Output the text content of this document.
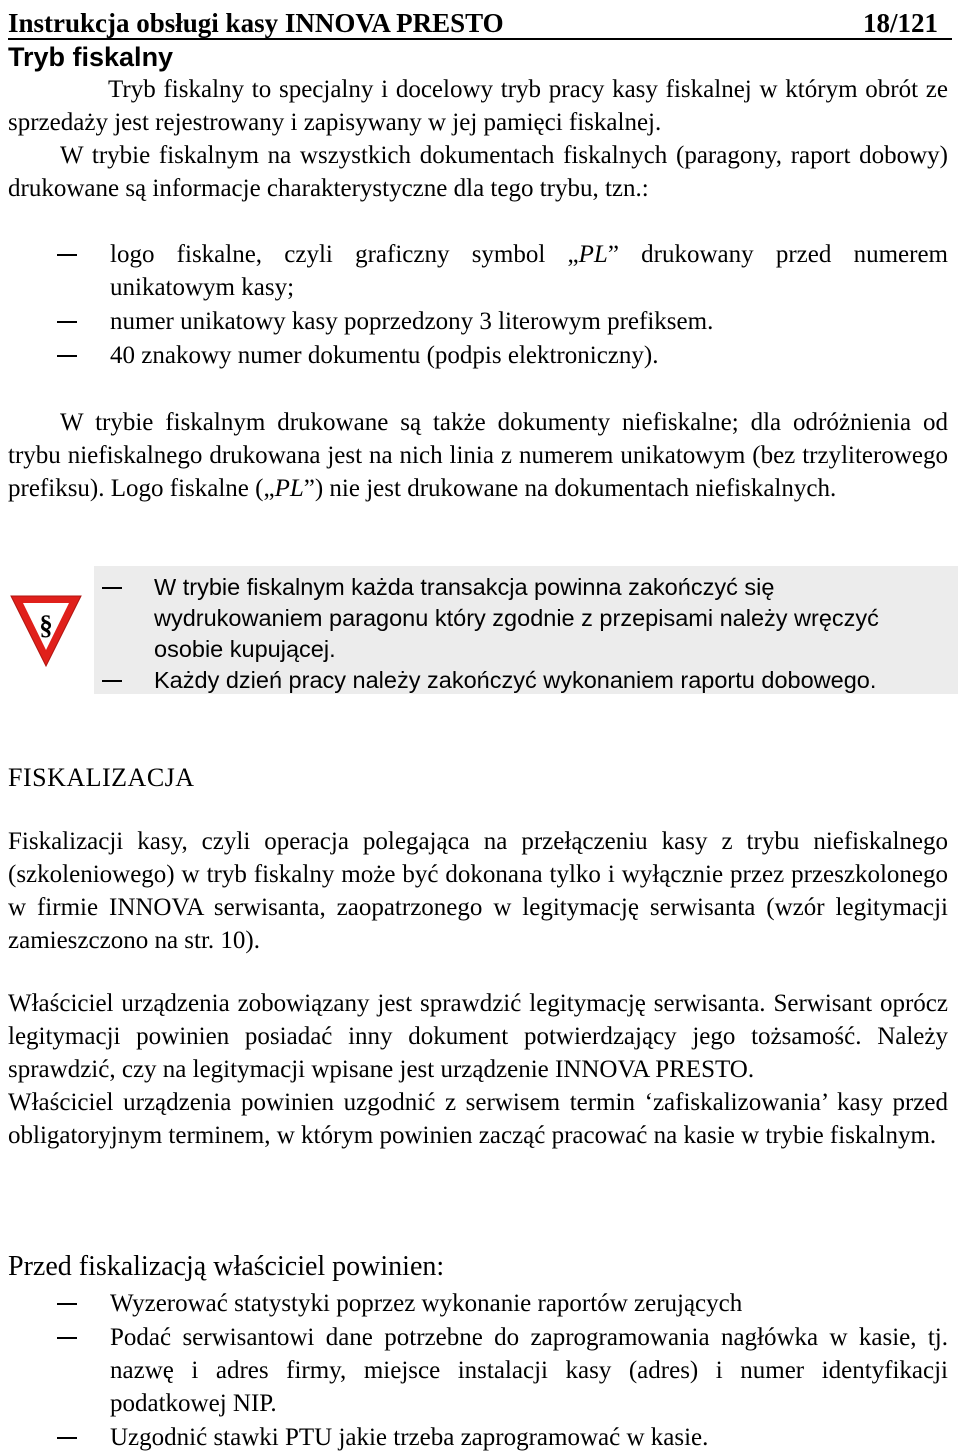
Instrukcja obsługi kasy INNOVA PRESTO	18/121
Tryb fiskalny

Tryb fiskalny to specjalny i docelowy tryb pracy kasy fiskalnej w którym obrót ze sprzedaży jest rejestrowany i zapisywany w jej pamięci fiskalnej.

W trybie fiskalnym na wszystkich dokumentach fiskalnych (paragony, raport dobowy) drukowane są informacje charakterystyczne dla tego trybu, tzn.:

logo fiskalne, czyli graficzny symbol „PL” drukowany przed numerem unikatowym kasy;
numer unikatowy kasy poprzedzony 3 literowym prefiksem.
40 znakowy numer dokumentu (podpis elektroniczny).

W trybie fiskalnym drukowane są także dokumenty niefiskalne; dla odróżnienia od trybu niefiskalnego drukowana jest na nich linia z numerem unikatowym (bez trzyliterowego prefiksu). Logo fiskalne („PL”) nie jest drukowane na dokumentach niefiskalnych.

§
W trybie fiskalnym każda transakcja powinna zakończyć się wydrukowaniem paragonu który zgodnie z przepisami należy wręczyć osobie kupującej.
Każdy dzień pracy należy zakończyć wykonaniem raportu dobowego.
FISKALIZACJA

Fiskalizacji kasy, czyli operacja polegająca na przełączeniu kasy z trybu niefiskalnego (szkoleniowego) w tryb fiskalny może być dokonana tylko i wyłącznie przez przeszkolonego w firmie INNOVA serwisanta, zaopatrzonego w legitymację serwisanta (wzór legitymacji zamieszczono na str. 10).

Właściciel urządzenia zobowiązany jest sprawdzić legitymację serwisanta. Serwisant oprócz legitymacji powinien posiadać inny dokument potwierdzający jego tożsamość. Należy sprawdzić, czy na legitymacji wpisane jest urządzenie INNOVA PRESTO.

Właściciel urządzenia powinien uzgodnić z serwisem termin ‘zafiskalizowania’ kasy przed obligatoryjnym terminem, w którym powinien zacząć pracować na kasie w trybie fiskalnym.

Przed fiskalizacją właściciel powinien:
Wyzerować statystyki poprzez wykonanie raportów zerujących
Podać serwisantowi dane potrzebne do zaprogramowania nagłówka w kasie, tj. nazwę i adres firmy, miejsce instalacji kasy (adres) i numer identyfikacji podatkowej NIP.
Uzgodnić stawki PTU jakie trzeba zaprogramować w kasie.
